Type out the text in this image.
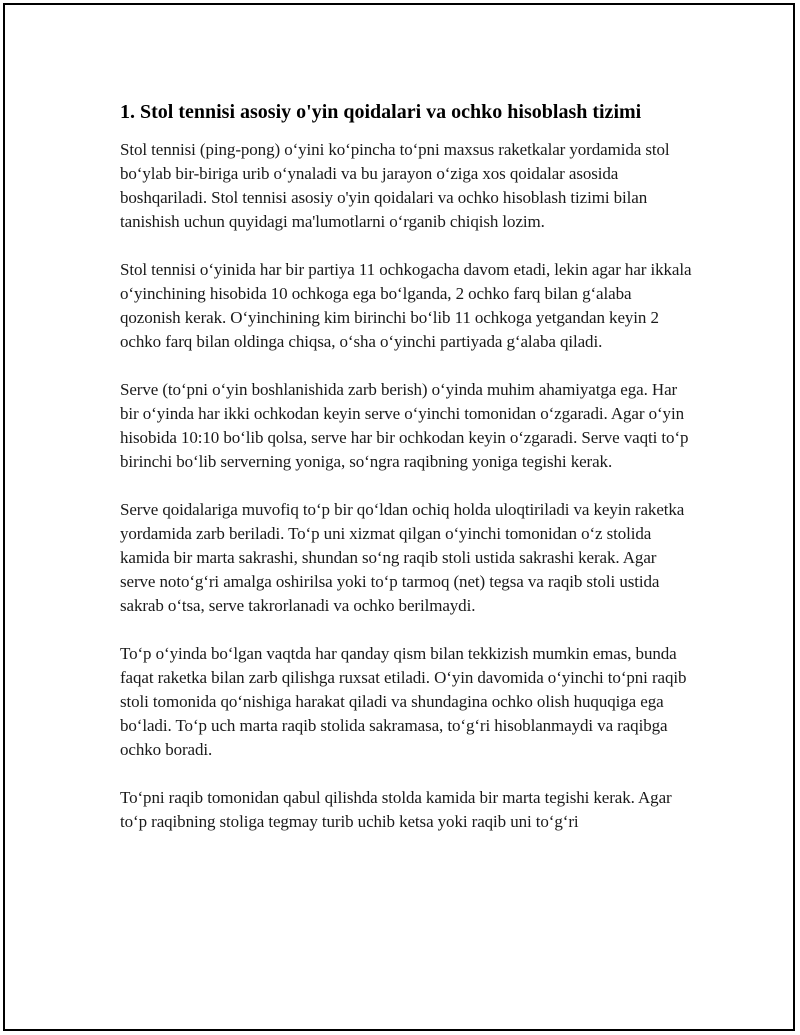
1. Stol tennisi asosiy o'yin qoidalari va ochko hisoblash tizimi

Stol tennisi (ping-pong) o‘yini ko‘pincha to‘pni maxsus raketkalar yordamida stol bo‘ylab bir-biriga urib o‘ynaladi va bu jarayon o‘ziga xos qoidalar asosida boshqariladi. Stol tennisi asosiy o'yin qoidalari va ochko hisoblash tizimi bilan tanishish uchun quyidagi ma'lumotlarni o‘rganib chiqish lozim.

Stol tennisi o‘yinida har bir partiya 11 ochkogacha davom etadi, lekin agar har ikkala o‘yinchining hisobida 10 ochkoga ega bo‘lganda, 2 ochko farq bilan g‘alaba qozonish kerak. O‘yinchining kim birinchi bo‘lib 11 ochkoga yetgandan keyin 2 ochko farq bilan oldinga chiqsa, o‘sha o‘yinchi partiyada g‘alaba qiladi.

Serve (to‘pni o‘yin boshlanishida zarb berish) o‘yinda muhim ahamiyatga ega. Har bir o‘yinda har ikki ochkodan keyin serve o‘yinchi tomonidan o‘zgaradi. Agar o‘yin hisobida 10:10 bo‘lib qolsa, serve har bir ochkodan keyin o‘zgaradi. Serve vaqti to‘p birinchi bo‘lib serverning yoniga, so‘ngra raqibning yoniga tegishi kerak.

Serve qoidalariga muvofiq to‘p bir qo‘ldan ochiq holda uloqtiriladi va keyin raketka yordamida zarb beriladi. To‘p uni xizmat qilgan o‘yinchi tomonidan o‘z stolida kamida bir marta sakrashi, shundan so‘ng raqib stoli ustida sakrashi kerak. Agar serve noto‘g‘ri amalga oshirilsa yoki to‘p tarmoq (net) tegsa va raqib stoli ustida sakrab o‘tsa, serve takrorlanadi va ochko berilmaydi.

To‘p o‘yinda bo‘lgan vaqtda har qanday qism bilan tekkizish mumkin emas, bunda faqat raketka bilan zarb qilishga ruxsat etiladi. O‘yin davomida o‘yinchi to‘pni raqib stoli tomonida qo‘nishiga harakat qiladi va shundagina ochko olish huquqiga ega bo‘ladi. To‘p uch marta raqib stolida sakramasa, to‘g‘ri hisoblanmaydi va raqibga ochko boradi.

To‘pni raqib tomonidan qabul qilishda stolda kamida bir marta tegishi kerak. Agar to‘p raqibning stoliga tegmay turib uchib ketsa yoki raqib uni to‘g‘ri
